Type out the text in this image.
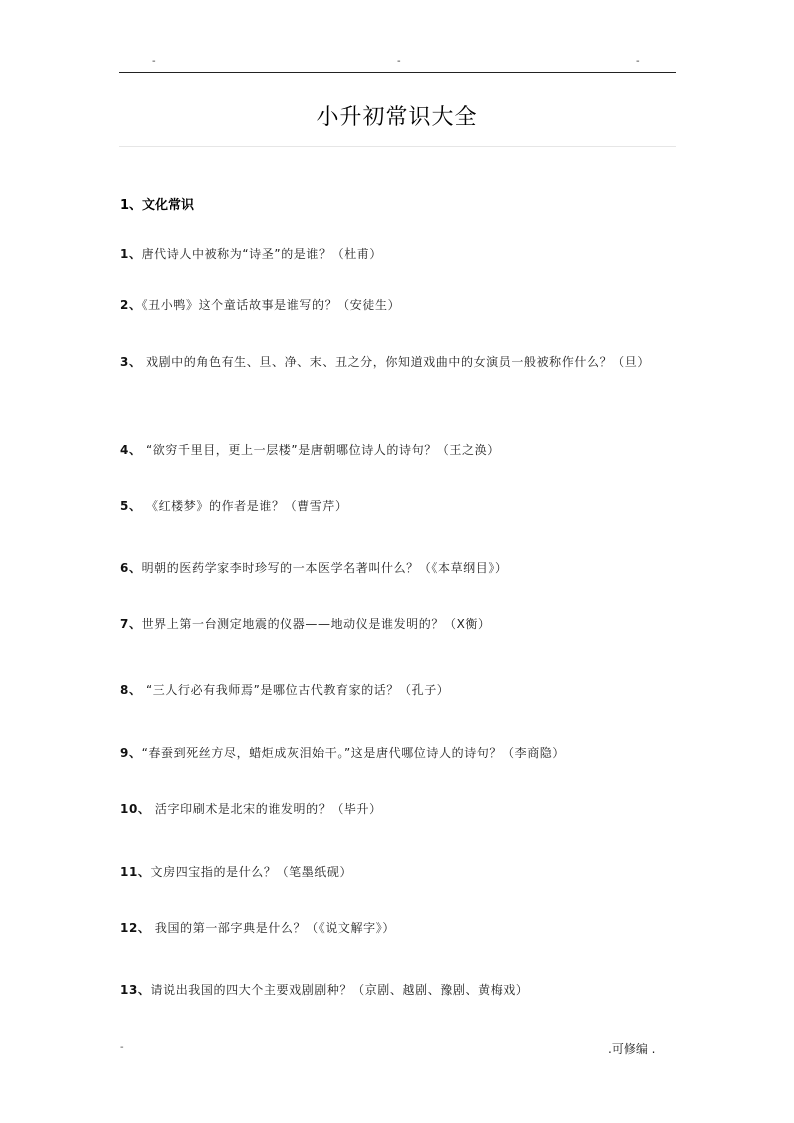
-	-	-
小升初常识大全
1、文化常识
1、唐代诗人中被称为“诗圣”的是谁？（杜甫）
2、《丑小鸭》这个童话故事是谁写的？（安徒生）
3、 戏剧中的角色有生、旦、净、末、丑之分，你知道戏曲中的女演员一般被称作什么？（旦）
4、 “欲穷千里目，更上一层楼”是唐朝哪位诗人的诗句？（王之涣）
5、 《红楼梦》的作者是谁？（曹雪芹）
6、明朝的医药学家李时珍写的一本医学名著叫什么？（《本草纲目》）
7、世界上第一台测定地震的仪器——地动仪是谁发明的？（X衡）
8、 “三人行必有我师焉”是哪位古代教育家的话？（孔子）
9、“春蚕到死丝方尽，蜡炬成灰泪始干。”这是唐代哪位诗人的诗句？（李商隐）
10、 活字印刷术是北宋的谁发明的？（毕升）
11、文房四宝指的是什么？（笔墨纸砚）
12、 我国的第一部字典是什么？（《说文解字》）
13、请说出我国的四大个主要戏剧剧种？（京剧、越剧、豫剧、黄梅戏）
-	.可修编 .
